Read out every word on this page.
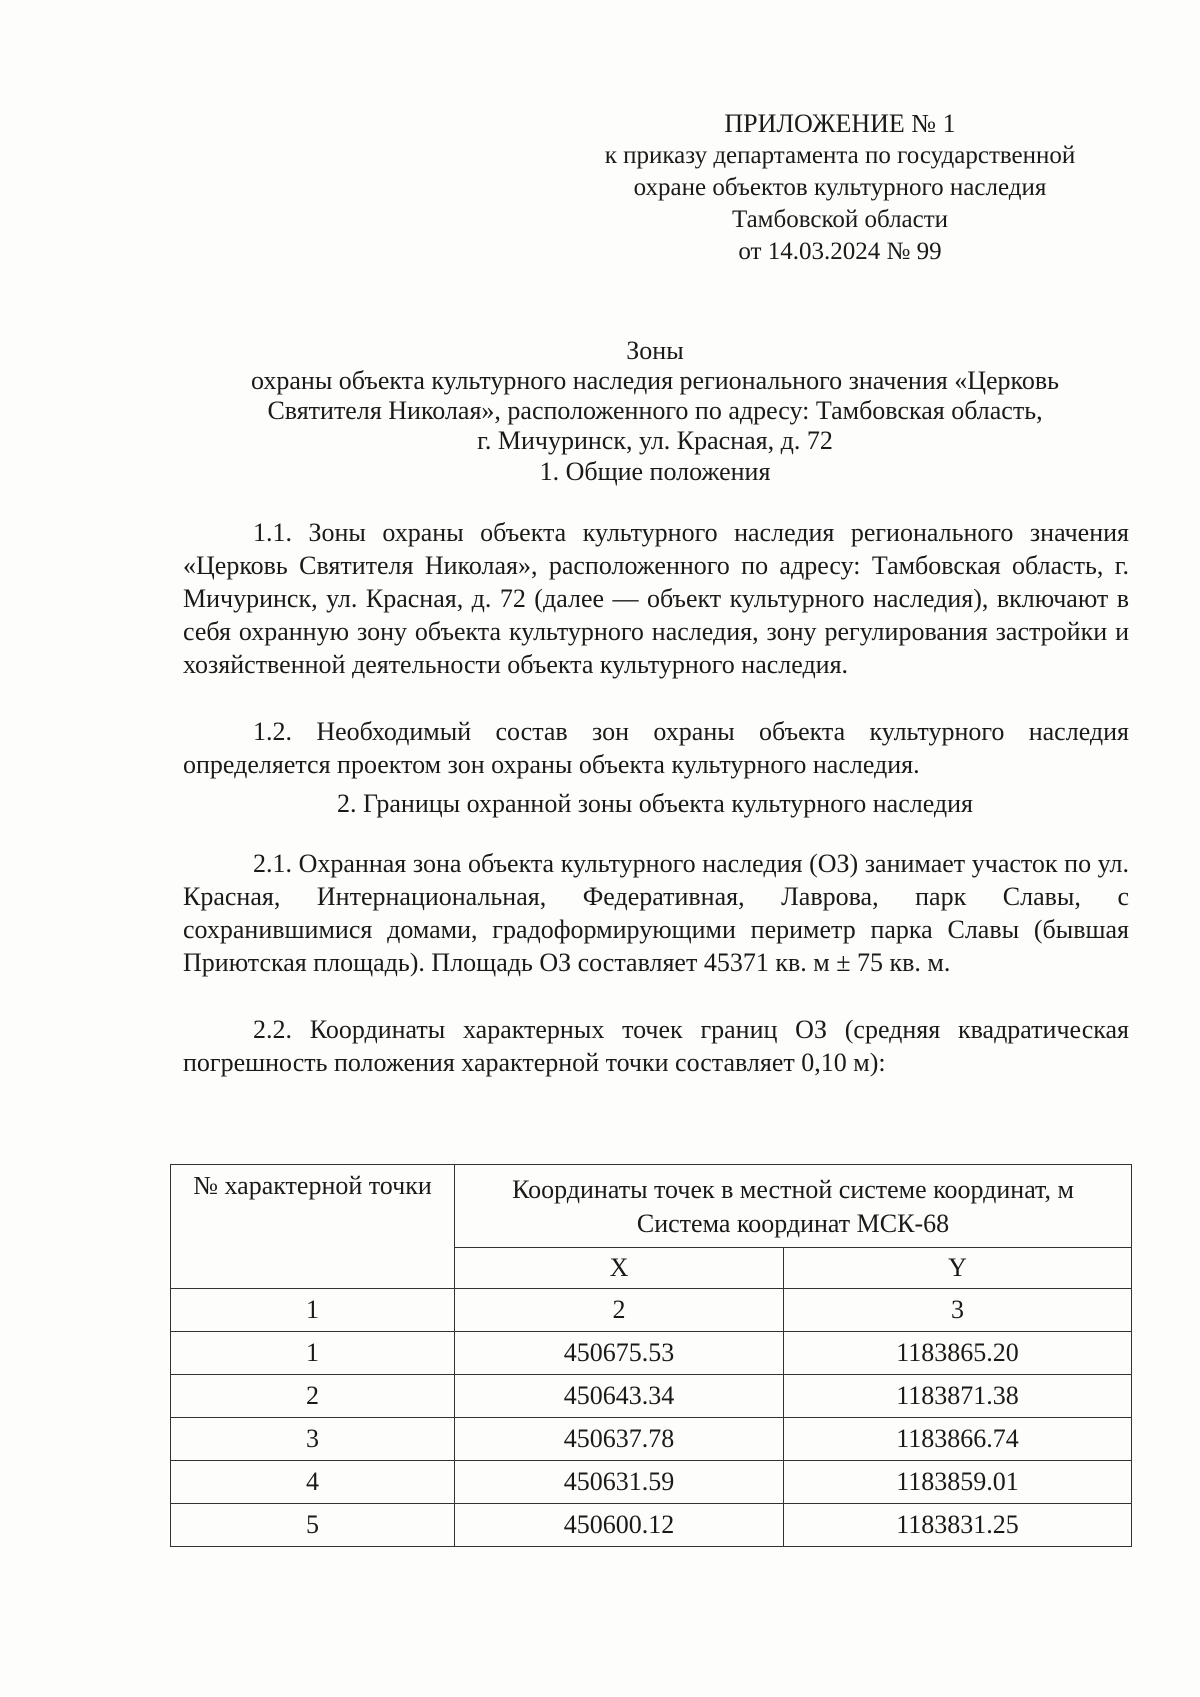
ПРИЛОЖЕНИЕ № 1
к приказу департамента по государственной
охране объектов культурного наследия
Тамбовской области
от 14.03.2024 № 99
Зоны
охраны объекта культурного наследия регионального значения «Церковь
Святителя Николая», расположенного по адресу: Тамбовская область,
г. Мичуринск, ул. Красная, д. 72
1. Общие положения

1.1. Зоны охраны объекта культурного наследия регионального значения «Церковь Святителя Николая», расположенного по адресу: Тамбовская область, г. Мичуринск, ул. Красная, д. 72 (далее — объект культурного наследия), включают в себя охранную зону объекта культурного наследия, зону регулирования застройки и хозяйственной деятельности объекта культурного наследия.

1.2. Необходимый состав зон охраны объекта культурного наследия определяется проектом зон охраны объекта культурного наследия.

2. Границы охранной зоны объекта культурного наследия

2.1. Охранная зона объекта культурного наследия (ОЗ) занимает участок по ул. Красная, Интернациональная, Федеративная, Лаврова, парк Славы, с сохранившимися домами, градоформирующими периметр парка Славы (бывшая Приютская площадь). Площадь ОЗ составляет 45371 кв. м ± 75 кв. м.

2.2. Координаты характерных точек границ ОЗ (средняя квадратическая погрешность положения характерной точки составляет 0,10 м):

№ характерной точки	Координаты точек в местной системе координат, м
Система координат МСК-68	

	X	Y
1	2	3
1	450675.53	1183865.20
2	450643.34	1183871.38
3	450637.78	1183866.74
4	450631.59	1183859.01
5	450600.12	1183831.25
